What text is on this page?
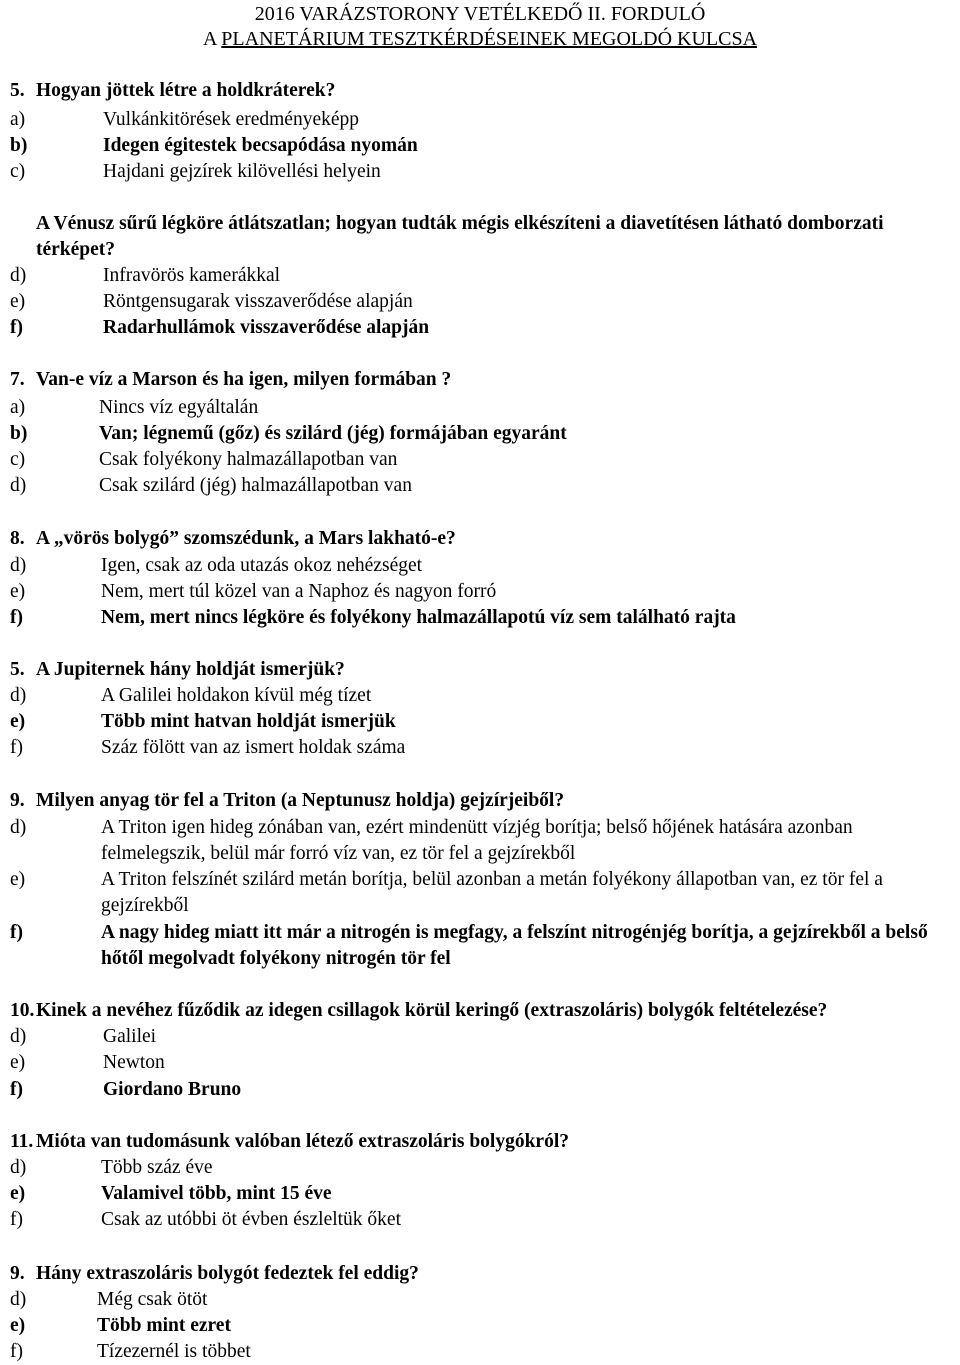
2016 VARÁZSTORONY VETÉLKEDŐ II. FORDULÓ
A PLANETÁRIUM TESZTKÉRDÉSEINEK MEGOLDÓ KULCSA
5. Hogyan jöttek létre a holdkráterek?
a)	Vulkánkitörések eredményeképp
b)	Idegen égitestek becsapódása nyomán
c)	Hajdani gejzírek kilövellési helyein
A Vénusz sűrű légköre átlátszatlan; hogyan tudták mégis elkészíteni a diavetítésen látható domborzati térképet?
d)	Infravörös kamerákkal
e)	Röntgensugarak visszaverődése alapján
f)	Radarhullámok visszaverődése alapján
7. Van-e víz a Marson és ha igen, milyen formában ?
a)	Nincs víz egyáltalán
b)	Van; légnemű (gőz) és szilárd (jég) formájában egyaránt
c)	Csak folyékony halmazállapotban van
d)	Csak szilárd (jég) halmazállapotban van
8. A „vörös bolygó” szomszédunk, a Mars lakható-e?
d)	Igen, csak az oda utazás okoz nehézséget
e)	Nem, mert túl közel van a Naphoz és nagyon forró
f)	Nem, mert nincs légköre és folyékony halmazállapotú víz sem található rajta
5. A Jupiternek hány holdját ismerjük?
d)	A Galilei holdakon kívül még tízet
e)	Több mint hatvan holdját ismerjük
f)	Száz fölött van az ismert holdak száma
9. Milyen anyag tör fel a Triton (a Neptunusz holdja) gejzírjeiből?
d)	A Triton igen hideg zónában van, ezért mindenütt vízjég borítja; belső hőjének hatására azonban felmelegszik, belül már forró víz van, ez tör fel a gejzírekből
e)	A Triton felszínét szilárd metán borítja, belül azonban a metán folyékony állapotban van, ez tör fel a gejzírekből
f)	A nagy hideg miatt itt már a nitrogén is megfagy, a felszínt nitrogénjég borítja, a gejzírekből a belső hőtől megolvadt folyékony nitrogén tör fel
10.Kinek a nevéhez fűződik az idegen csillagok körül keringő (extraszoláris) bolygók feltételezése?
d)	Galilei
e)	Newton
f)	Giordano Bruno
11. Mióta van tudomásunk valóban létező extraszoláris bolygókról?
d)	Több száz éve
e)	Valamivel több, mint 15 éve
f)	Csak az utóbbi öt évben észleltük őket
9. Hány extraszoláris bolygót fedeztek fel eddig?
d)	Még csak ötöt
e)	Több mint ezret
f)	Tízezernél is többet
